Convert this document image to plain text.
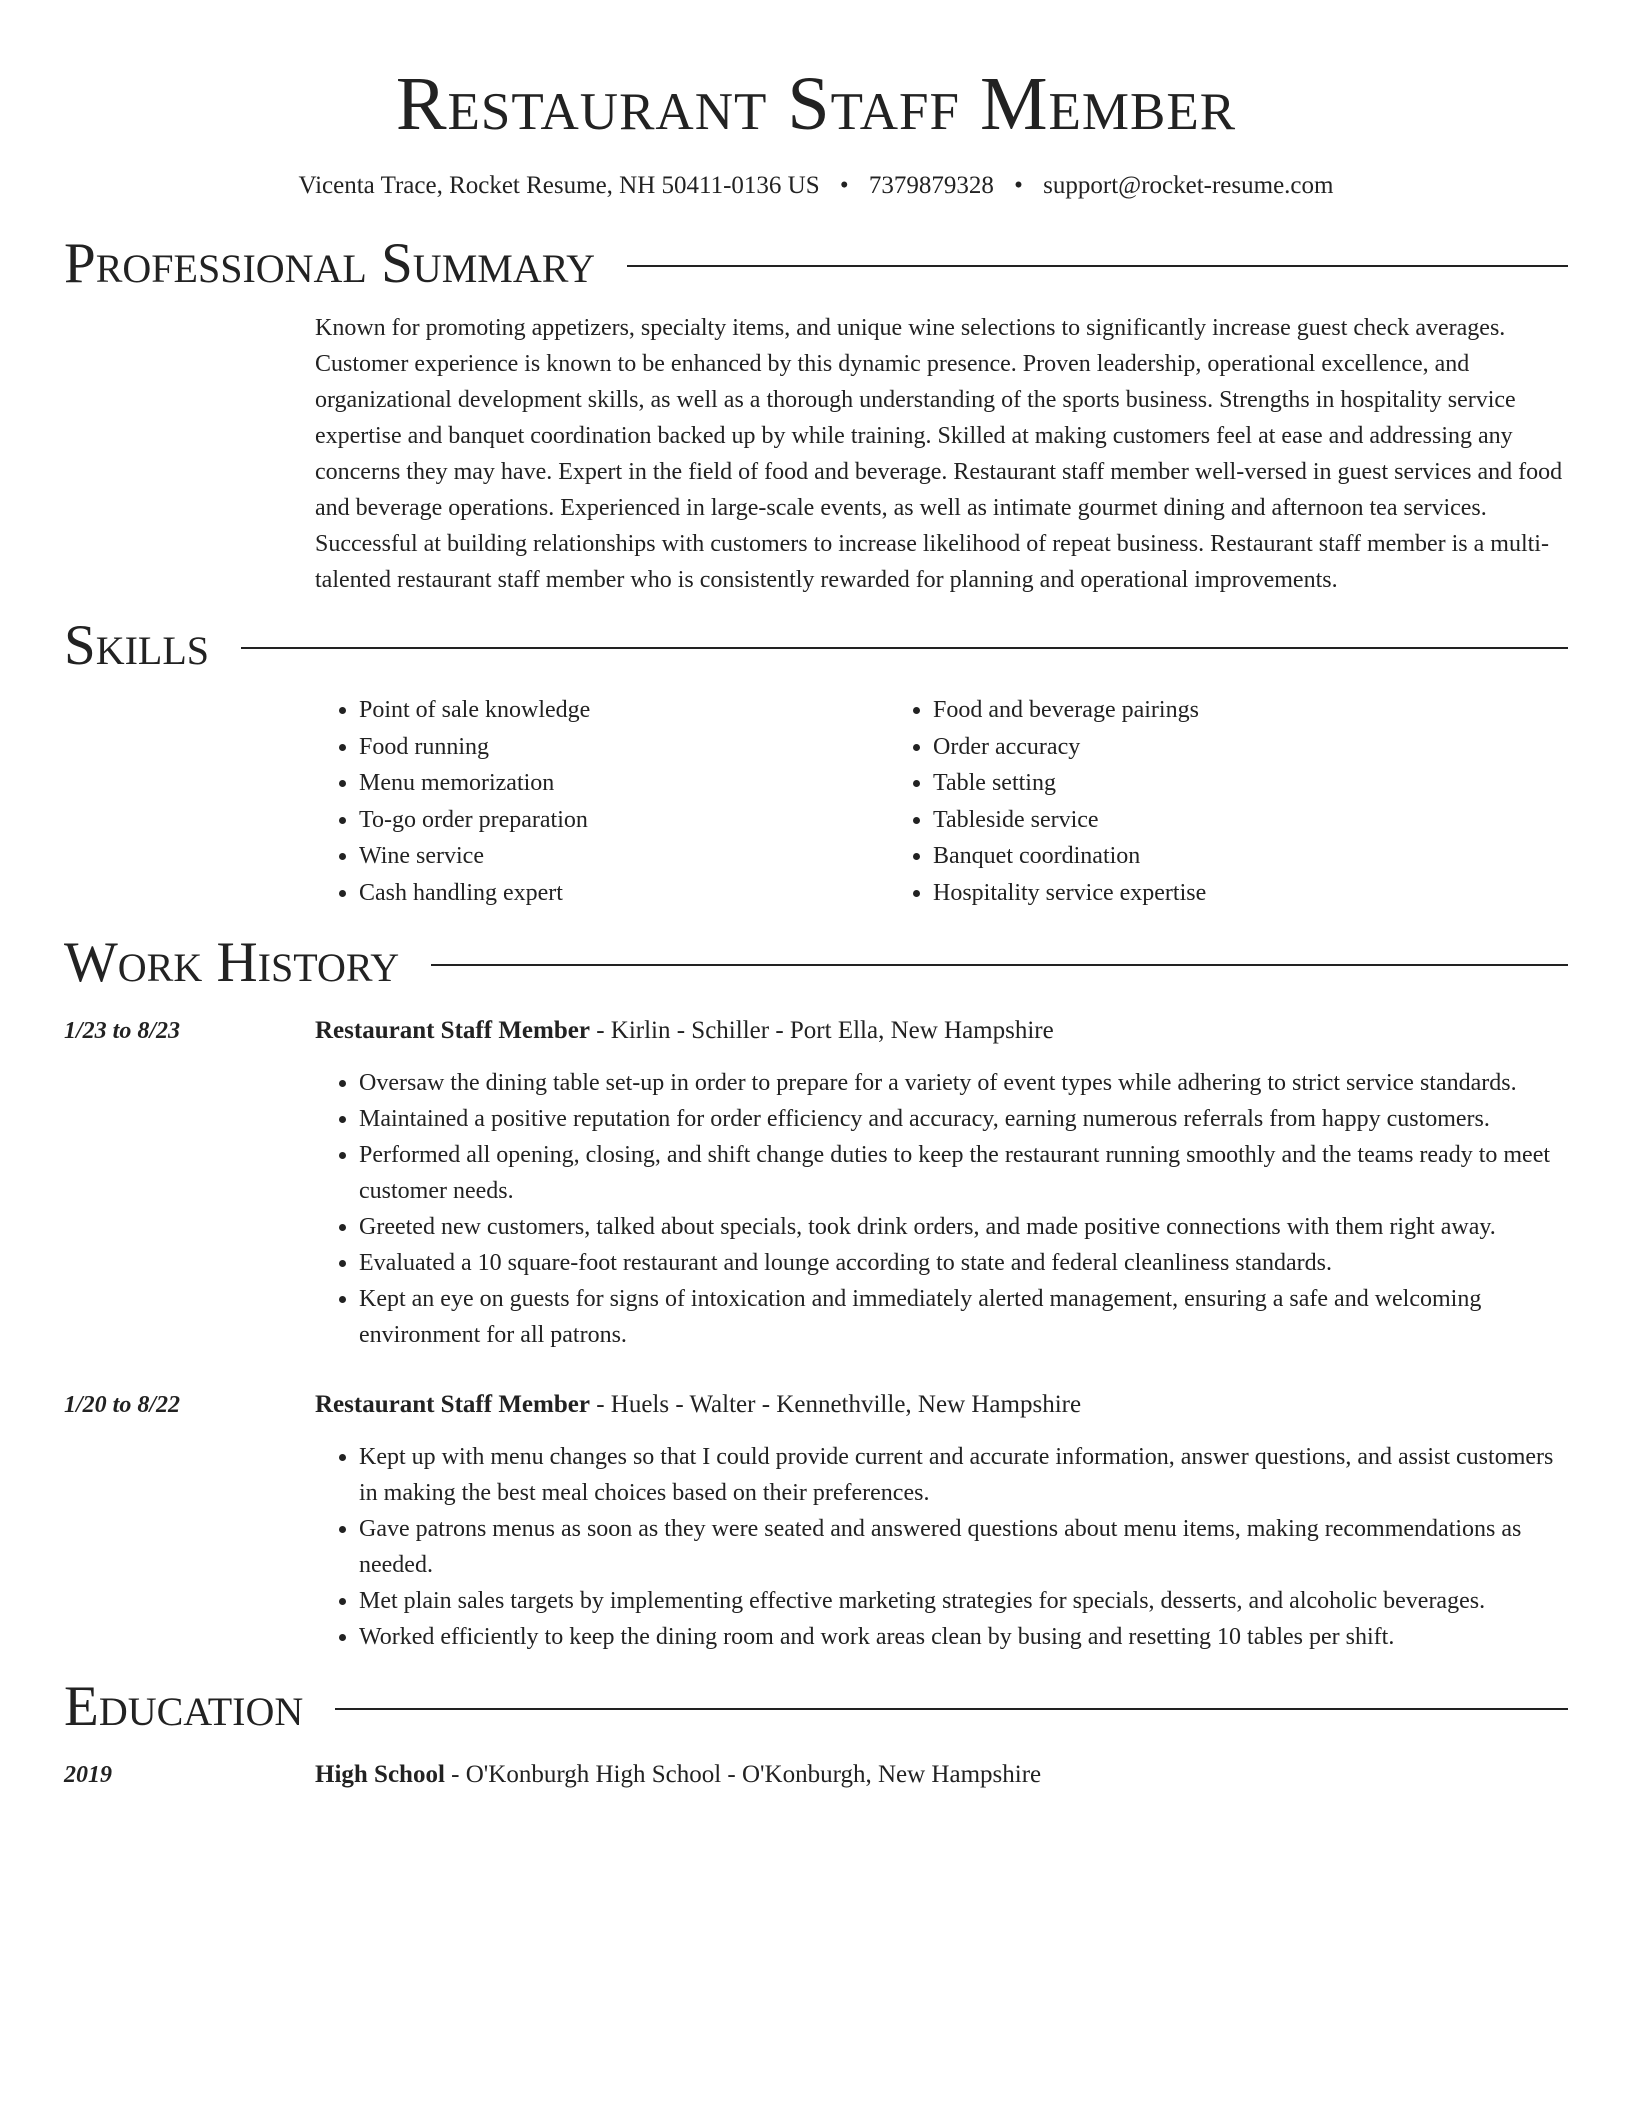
Restaurant Staff Member
Vicenta Trace, Rocket Resume, NH 50411-0136 US • 7379879328 • support@rocket-resume.com
Professional Summary
Known for promoting appetizers, specialty items, and unique wine selections to significantly increase guest check averages. Customer experience is known to be enhanced by this dynamic presence. Proven leadership, operational excellence, and organizational development skills, as well as a thorough understanding of the sports business. Strengths in hospitality service expertise and banquet coordination backed up by while training. Skilled at making customers feel at ease and addressing any concerns they may have. Expert in the field of food and beverage. Restaurant staff member well-versed in guest services and food and beverage operations. Experienced in large-scale events, as well as intimate gourmet dining and afternoon tea services. Successful at building relationships with customers to increase likelihood of repeat business. Restaurant staff member is a multi-talented restaurant staff member who is consistently rewarded for planning and operational improvements.
Skills
• Point of sale knowledge
• Food running
• Menu memorization
• To-go order preparation
• Wine service
• Cash handling expert
• Food and beverage pairings
• Order accuracy
• Table setting
• Tableside service
• Banquet coordination
• Hospitality service expertise
Work History
1/23 to 8/23	Restaurant Staff Member - Kirlin - Schiller - Port Ella, New Hampshire
• Oversaw the dining table set-up in order to prepare for a variety of event types while adhering to strict service standards.
• Maintained a positive reputation for order efficiency and accuracy, earning numerous referrals from happy customers.
• Performed all opening, closing, and shift change duties to keep the restaurant running smoothly and the teams ready to meet customer needs.
• Greeted new customers, talked about specials, took drink orders, and made positive connections with them right away.
• Evaluated a 10 square-foot restaurant and lounge according to state and federal cleanliness standards.
• Kept an eye on guests for signs of intoxication and immediately alerted management, ensuring a safe and welcoming environment for all patrons.
1/20 to 8/22	Restaurant Staff Member - Huels - Walter - Kennethville, New Hampshire
• Kept up with menu changes so that I could provide current and accurate information, answer questions, and assist customers in making the best meal choices based on their preferences.
• Gave patrons menus as soon as they were seated and answered questions about menu items, making recommendations as needed.
• Met plain sales targets by implementing effective marketing strategies for specials, desserts, and alcoholic beverages.
• Worked efficiently to keep the dining room and work areas clean by busing and resetting 10 tables per shift.
Education
2019	High School - O'Konburgh High School - O'Konburgh, New Hampshire
